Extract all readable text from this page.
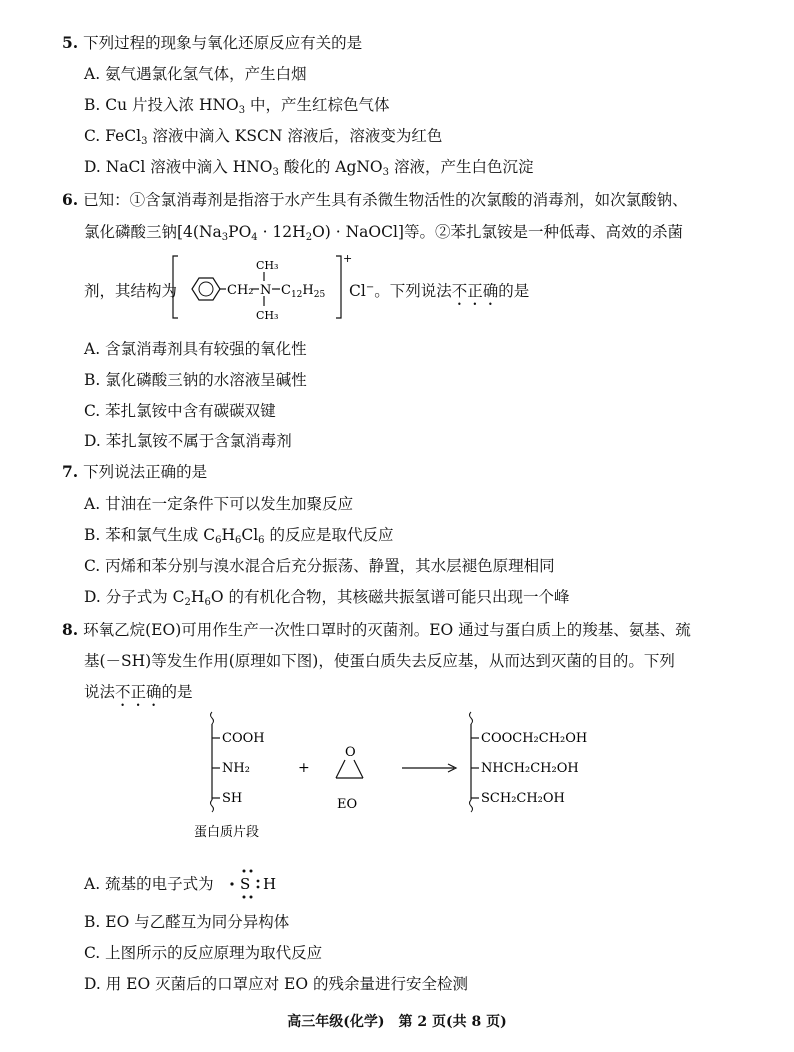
5. 下列过程的现象与氧化还原反应有关的是
A. 氨气遇氯化氢气体，产生白烟
B. Cu 片投入浓 $HNO_3$ 中，产生红棕色气体
C. FeCl$_3$ 溶液中滴入 KSCN 溶液后，溶液变为红色
D. NaCl 溶液中滴入 $HNO_3$ 酸化的 AgNO$_3$ 溶液，产生白色沉淀
6. 已知：①含氯消毒剂是指溶于水产生具有杀微生物活性的次氯酸的消毒剂，如次氯酸钠、
氯化磷酸三钠[$4(Na_3PO_4 \cdot 12H_2O)$ · NaOCl]等。②苯扎氯铵是一种低毒、高效的杀菌
剂，其结构为	CH₂ N
CH₃
CH₃
$C_{12}H_{25}$
+
Cl−。下列说法不正确的是
A. 含氯消毒剂具有较强的氧化性
B. 氯化磷酸三钠的水溶液呈碱性
C. 苯扎氯铵中含有碳碳双键
D. 苯扎氯铵不属于含氯消毒剂
7. 下列说法正确的是
A. 甘油在一定条件下可以发生加聚反应
B. 苯和氯气生成 $C_6H_6Cl_6$ 的反应是取代反应
C. 丙烯和苯分别与溴水混合后充分振荡、静置，其水层褪色原理相同
D. 分子式为 $C_2H_6O$ 的有机化合物，其核磁共振氢谱可能只出现一个峰
8. 环氧乙烷(EO)可用作生产一次性口罩时的灭菌剂。EO 通过与蛋白质上的羧基、氨基、巯
基(－SH)等发生作用(原理如下图)，使蛋白质失去反应基，从而达到灭菌的目的。下列
说法不正确的是
COOH
NH₂
SH
蛋白质片段
+
O
EO
COOCH₂CH₂OH
NHCH₂CH₂OH
SCH₂CH₂OH
A. 巯基的电子式为 S H
B. EO 与乙醛互为同分异构体
C. 上图所示的反应原理为取代反应
D. 用 EO 灭菌后的口罩应对 EO 的残余量进行安全检测
高三年级(化学)　第 2 页(共 8 页)
